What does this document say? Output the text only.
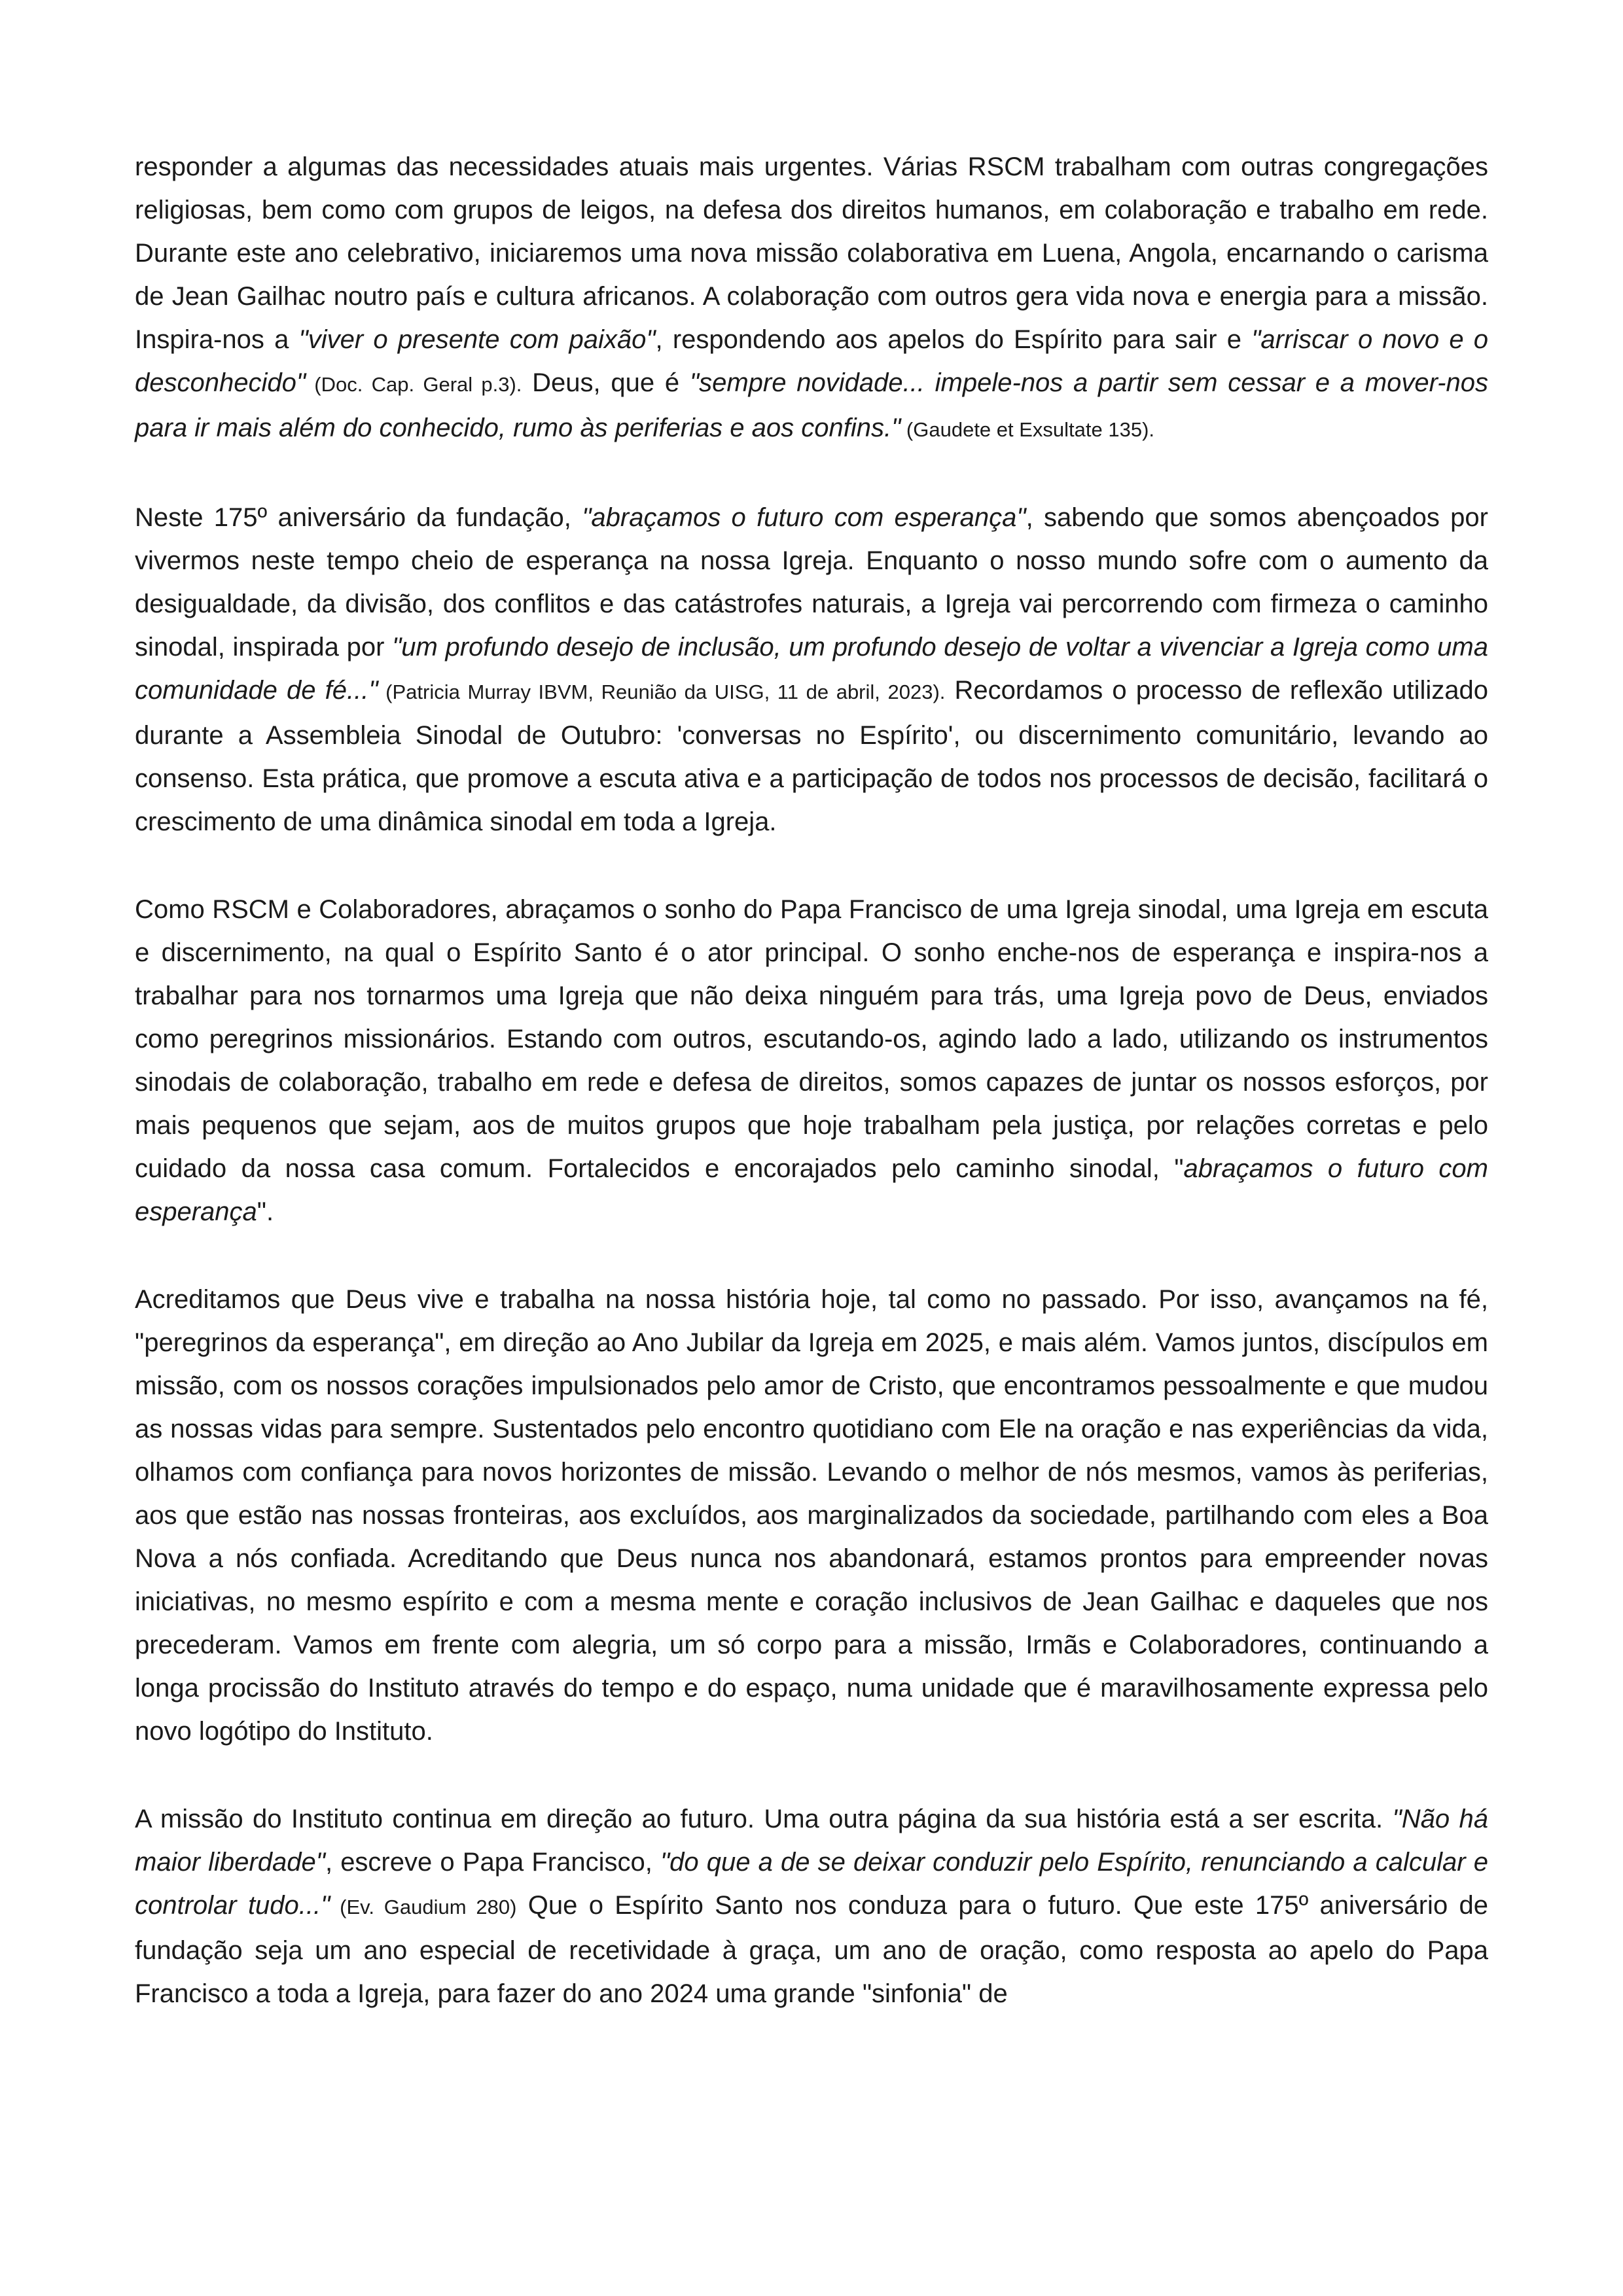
responder a algumas das necessidades atuais mais urgentes. Várias RSCM trabalham com outras congregações religiosas, bem como com grupos de leigos, na defesa dos direitos humanos, em colaboração e trabalho em rede. Durante este ano celebrativo, iniciaremos uma nova missão colaborativa em Luena, Angola, encarnando o carisma de Jean Gailhac noutro país e cultura africanos. A colaboração com outros gera vida nova e energia para a missão. Inspira-nos a "viver o presente com paixão", respondendo aos apelos do Espírito para sair e "arriscar o novo e o desconhecido" (Doc. Cap. Geral p.3). Deus, que é "sempre novidade... impele-nos a partir sem cessar e a mover-nos para ir mais além do conhecido, rumo às periferias e aos confins." (Gaudete et Exsultate 135).

Neste 175º aniversário da fundação, "abraçamos o futuro com esperança", sabendo que somos abençoados por vivermos neste tempo cheio de esperança na nossa Igreja. Enquanto o nosso mundo sofre com o aumento da desigualdade, da divisão, dos conflitos e das catástrofes naturais, a Igreja vai percorrendo com firmeza o caminho sinodal, inspirada por "um profundo desejo de inclusão, um profundo desejo de voltar a vivenciar a Igreja como uma comunidade de fé..." (Patricia Murray IBVM, Reunião da UISG, 11 de abril, 2023). Recordamos o processo de reflexão utilizado durante a Assembleia Sinodal de Outubro: 'conversas no Espírito', ou discernimento comunitário, levando ao consenso. Esta prática, que promove a escuta ativa e a participação de todos nos processos de decisão, facilitará o crescimento de uma dinâmica sinodal em toda a Igreja.

Como RSCM e Colaboradores, abraçamos o sonho do Papa Francisco de uma Igreja sinodal, uma Igreja em escuta e discernimento, na qual o Espírito Santo é o ator principal. O sonho enche-nos de esperança e inspira-nos a trabalhar para nos tornarmos uma Igreja que não deixa ninguém para trás, uma Igreja povo de Deus, enviados como peregrinos missionários. Estando com outros, escutando-os, agindo lado a lado, utilizando os instrumentos sinodais de colaboração, trabalho em rede e defesa de direitos, somos capazes de juntar os nossos esforços, por mais pequenos que sejam, aos de muitos grupos que hoje trabalham pela justiça, por relações corretas e pelo cuidado da nossa casa comum. Fortalecidos e encorajados pelo caminho sinodal, "abraçamos o futuro com esperança".

Acreditamos que Deus vive e trabalha na nossa história hoje, tal como no passado. Por isso, avançamos na fé, "peregrinos da esperança", em direção ao Ano Jubilar da Igreja em 2025, e mais além. Vamos juntos, discípulos em missão, com os nossos corações impulsionados pelo amor de Cristo, que encontramos pessoalmente e que mudou as nossas vidas para sempre. Sustentados pelo encontro quotidiano com Ele na oração e nas experiências da vida, olhamos com confiança para novos horizontes de missão. Levando o melhor de nós mesmos, vamos às periferias, aos que estão nas nossas fronteiras, aos excluídos, aos marginalizados da sociedade, partilhando com eles a Boa Nova a nós confiada. Acreditando que Deus nunca nos abandonará, estamos prontos para empreender novas iniciativas, no mesmo espírito e com a mesma mente e coração inclusivos de Jean Gailhac e daqueles que nos precederam. Vamos em frente com alegria, um só corpo para a missão, Irmãs e Colaboradores, continuando a longa procissão do Instituto através do tempo e do espaço, numa unidade que é maravilhosamente expressa pelo novo logótipo do Instituto.

A missão do Instituto continua em direção ao futuro. Uma outra página da sua história está a ser escrita. "Não há maior liberdade", escreve o Papa Francisco, "do que a de se deixar conduzir pelo Espírito, renunciando a calcular e controlar tudo..." (Ev. Gaudium 280) Que o Espírito Santo nos conduza para o futuro. Que este 175º aniversário de fundação seja um ano especial de recetividade à graça, um ano de oração, como resposta ao apelo do Papa Francisco a toda a Igreja, para fazer do ano 2024 uma grande "sinfonia" de
